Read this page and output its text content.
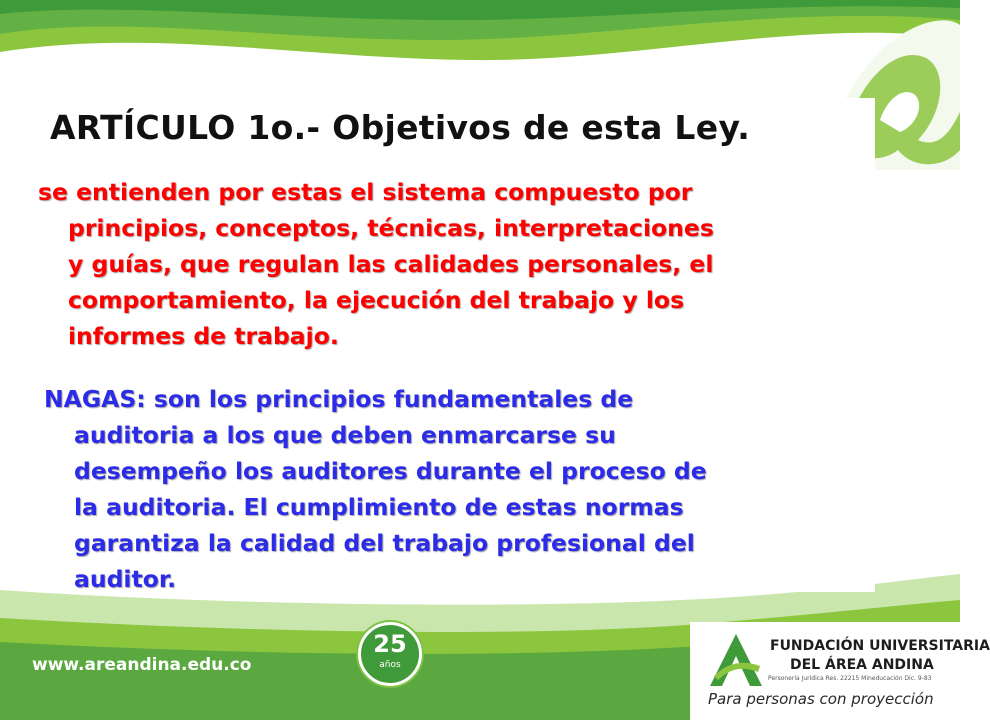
ARTÍCULO 1o.- Objetivos de esta Ley.
se entienden por estas el sistema compuesto por
principios, conceptos, técnicas, interpretaciones
y guías, que regulan las calidades personales, el
comportamiento, la ejecución del trabajo y los
informes de trabajo.
NAGAS: son los principios fundamentales de
auditoria a los que deben enmarcarse su
desempeño los auditores durante el proceso de
la auditoria. El cumplimiento de estas normas
garantiza la calidad del trabajo profesional del
auditor.
www.areandina.edu.co
25
años
FUNDACIÓN UNIVERSITARIA
DEL ÁREA ANDINA
Personería Jurídica Res. 22215 Mineducación Dic. 9-83
Para personas con proyección
